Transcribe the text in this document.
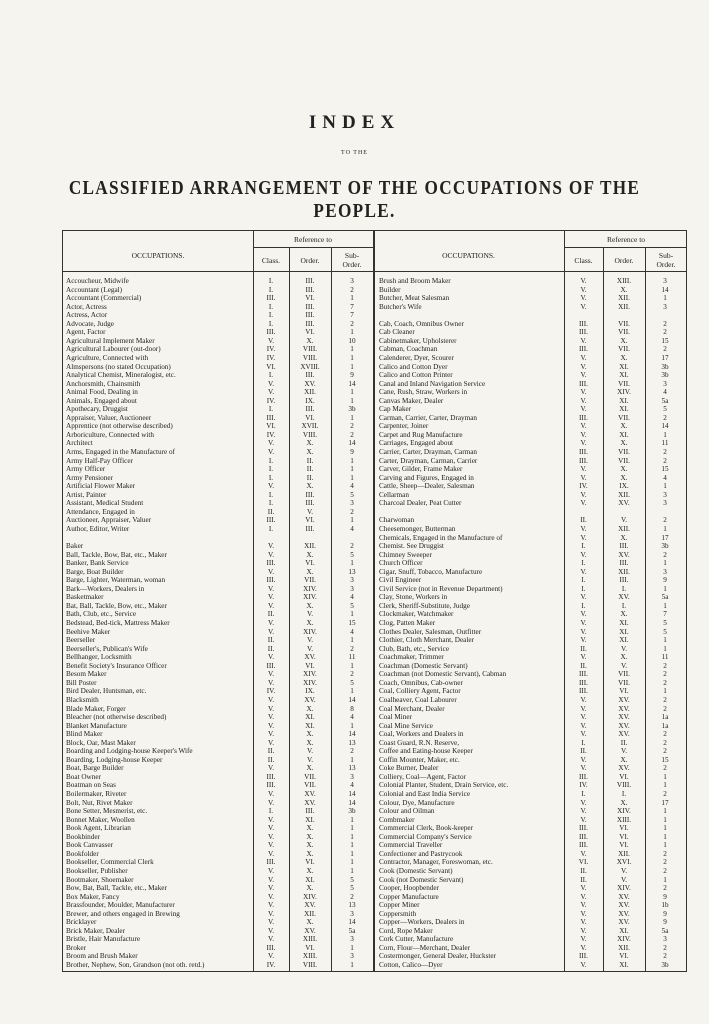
INDEX
TO THE
CLASSIFIED ARRANGEMENT OF THE OCCUPATIONS OF THE PEOPLE.
OCCUPATIONS.
Reference to
Class.	Order.
Sub-
Order.
OCCUPATIONS.
Reference to
Class.	Order.
Sub-
Order.
Accoucheur, Midwife	I.	III.	3
Accountant (Legal)	I.	III.	2
Accountant (Commercial)	III.	VI.	1
Actor, Actress	I.	III.	7
Actress, Actor	I.	III.	7
Advocate, Judge	I.	III.	2
Agent, Factor	III.	VI.	1
Agricultural Implement Maker	V.	X.	10
Agricultural Labourer (out-door)	IV.	VIII.	1
Agriculture, Connected with	IV.	VIII.	1
Almspersons (no stated Occupation)	VI.	XVIII.	1
Analytical Chemist, Mineralogist, etc.	I.	III.	9
Anchorsmith, Chainsmith	V.	XV.	14
Animal Food, Dealing in	V.	XII.	1
Animals, Engaged about	IV.	IX.	1
Apothecary, Druggist	I.	III.	3b
Appraiser, Valuer, Auctioneer	III.	VI.	1
Apprentice (not otherwise described)	VI.	XVII.	2
Arboriculture, Connected with	IV.	VIII.	2
Architect	V.	X.	14
Arms, Engaged in the Manufacture of	V.	X.	9
Army Half-Pay Officer	I.	II.	1
Army Officer	I.	II.	1
Army Pensioner	I.	II.	1
Artificial Flower Maker	V.	X.	4
Artist, Painter	I.	III.	5
Assistant, Medical Student	I.	III.	3
Attendance, Engaged in	II.	V.	2
Auctioneer, Appraiser, Valuer	III.	VI.	1
Author, Editor, Writer	I.	III.	4
Baker	V.	XII.	2
Ball, Tackle, Bow, Bat, etc., Maker	V.	X.	5
Banker, Bank Service	III.	VI.	1
Barge, Boat Builder	V.	X.	13
Barge, Lighter, Waterman, woman	III.	VII.	3
Bark—Workers, Dealers in	V.	XIV.	3
Basketmaker	V.	XIV.	4
Bat, Ball, Tackle, Bow, etc., Maker	V.	X.	5
Bath, Club, etc., Service	II.	V.	1
Bedstead, Bed-tick, Mattress Maker	V.	X.	15
Beehive Maker	V.	XIV.	4
Beerseller	II.	V.	1
Beerseller's, Publican's Wife	II.	V.	2
Bellhanger, Locksmith	V.	XV.	11
Benefit Society's Insurance Officer	III.	VI.	1
Besom Maker	V.	XIV.	2
Bill Poster	V.	XIV.	5
Bird Dealer, Huntsman, etc.	IV.	IX.	1
Blacksmith	V.	XV.	14
Blade Maker, Forger	V.	X.	8
Bleacher (not otherwise described)	V.	XI.	4
Blanket Manufacture	V.	XI.	1
Blind Maker	V.	X.	14
Block, Oar, Mast Maker	V.	X.	13
Boarding and Lodging-house Keeper's Wife	II.	V.	2
Boarding, Lodging-house Keeper	II.	V.	1
Boat, Barge Builder	V.	X.	13
Boat Owner	III.	VII.	3
Boatman on Seas	III.	VII.	4
Boilermaker, Riveter	V.	XV.	14
Bolt, Nut, Rivet Maker	V.	XV.	14
Bone Setter, Mesmerist, etc.	I.	III.	3b
Bonnet Maker, Woollen	V.	XI.	1
Book Agent, Librarian	V.	X.	1
Bookbinder	V.	X.	1
Book Canvasser	V.	X.	1
Bookfolder	V.	X.	1
Bookseller, Commercial Clerk	III.	VI.	1
Bookseller, Publisher	V.	X.	1
Bootmaker, Shoemaker	V.	XI.	5
Bow, Bat, Ball, Tackle, etc., Maker	V.	X.	5
Box Maker, Fancy	V.	XIV.	2
Brassfounder, Moulder, Manufacturer	V.	XV.	13
Brewer, and others engaged in Brewing	V.	XII.	3
Bricklayer	V.	X.	14
Brick Maker, Dealer	V.	XV.	5a
Bristle, Hair Manufacture	V.	XIII.	3
Broker	III.	VI.	1
Broom and Brush Maker	V.	XIII.	3
Brother, Nephew, Son, Grandson (not oth. retd.)	IV.	VIII.	1
Brush and Broom Maker	V.	XIII.	3
Builder	V.	X.	14
Butcher, Meat Salesman	V.	XII.	1
Butcher's Wife	V.	XII.	3
Cab, Coach, Omnibus Owner	III.	VII.	2
Cab Cleaner	III.	VII.	2
Cabinetmaker, Upholsterer	V.	X.	15
Cabman, Coachman	III.	VII.	2
Calenderer, Dyer, Scourer	V.	X.	17
Calico and Cotton Dyer	V.	XI.	3b
Calico and Cotton Printer	V.	XI.	3b
Canal and Inland Navigation Service	III.	VII.	3
Cane, Rush, Straw, Workers in	V.	XIV.	4
Canvas Maker, Dealer	V.	XI.	5a
Cap Maker	V.	XI.	5
Carman, Carrier, Carter, Drayman	III.	VII.	2
Carpenter, Joiner	V.	X.	14
Carpet and Rug Manufacture	V.	XI.	1
Carriages, Engaged about	V.	X.	11
Carrier, Carter, Drayman, Carman	III.	VII.	2
Carter, Drayman, Carman, Carrier	III.	VII.	2
Carver, Gilder, Frame Maker	V.	X.	15
Carving and Figures, Engaged in	V.	X.	4
Cattle, Sheep—Dealer, Salesman	IV.	IX.	1
Cellarman	V.	XII.	3
Charcoal Dealer, Peat Cutter	V.	XV.	3
Charwoman	II.	V.	2
Cheesemonger, Butterman	V.	XII.	1
Chemicals, Engaged in the Manufacture of	V.	X.	17
Chemist. See Druggist	I.	III.	3b
Chimney Sweeper	V.	XV.	2
Church Officer	I.	III.	1
Cigar, Snuff, Tobacco, Manufacture	V.	XII.	3
Civil Engineer	I.	III.	9
Civil Service (not in Revenue Department)	I.	I.	1
Clay, Stone, Workers in	V.	XV.	5a
Clerk, Sheriff-Substitute, Judge	I.	I.	1
Clockmaker, Watchmaker	V.	X.	7
Clog, Patten Maker	V.	XI.	5
Clothes Dealer, Salesman, Outfitter	V.	XI.	5
Clothier, Cloth Merchant, Dealer	V.	XI.	1
Club, Bath, etc., Service	II.	V.	1
Coachmaker, Trimmer	V.	X.	11
Coachman (Domestic Servant)	II.	V.	2
Coachman (not Domestic Servant), Cabman	III.	VII.	2
Coach, Omnibus, Cab-owner	III.	VII.	2
Coal, Colliery Agent, Factor	III.	VI.	1
Coalheaver, Coal Labourer	V.	XV.	2
Coal Merchant, Dealer	V.	XV.	2
Coal Miner	V.	XV.	1a
Coal Mine Service	V.	XV.	1a
Coal, Workers and Dealers in	V.	XV.	2
Coast Guard, R.N. Reserve,	I.	II.	2
Coffee and Eating-house Keeper	II.	V.	2
Coffin Mounter, Maker, etc.	V.	X.	15
Coke Burner, Dealer	V.	XV.	2
Colliery, Coal—Agent, Factor	III.	VI.	1
Colonial Planter, Student, Drain Service, etc.	IV.	VIII.	1
Colonial and East India Service	I.	I.	2
Colour, Dye, Manufacture	V.	X.	17
Colour and Oilman	V.	XIV.	1
Combmaker	V.	XIII.	1
Commercial Clerk, Book-keeper	III.	VI.	1
Commercial Company's Service	III.	VI.	1
Commercial Traveller	III.	VI.	1
Confectioner and Pastrycook	V.	XII.	2
Contractor, Manager, Foreswoman, etc.	VI.	XVI.	2
Cook (Domestic Servant)	II.	V.	2
Cook (not Domestic Servant)	II.	V.	1
Cooper, Hoopbender	V.	XIV.	2
Copper Manufacture	V.	XV.	9
Copper Miner	V.	XV.	1b
Coppersmith	V.	XV.	9
Copper—Workers, Dealers in	V.	XV.	9
Cord, Rope Maker	V.	XI.	5a
Cork Cutter, Manufacture	V.	XIV.	3
Corn, Flour—Merchant, Dealer	V.	XII.	2
Costermonger, General Dealer, Huckster	III.	VI.	2
Cotton, Calico—Dyer	V.	XI.	3b
